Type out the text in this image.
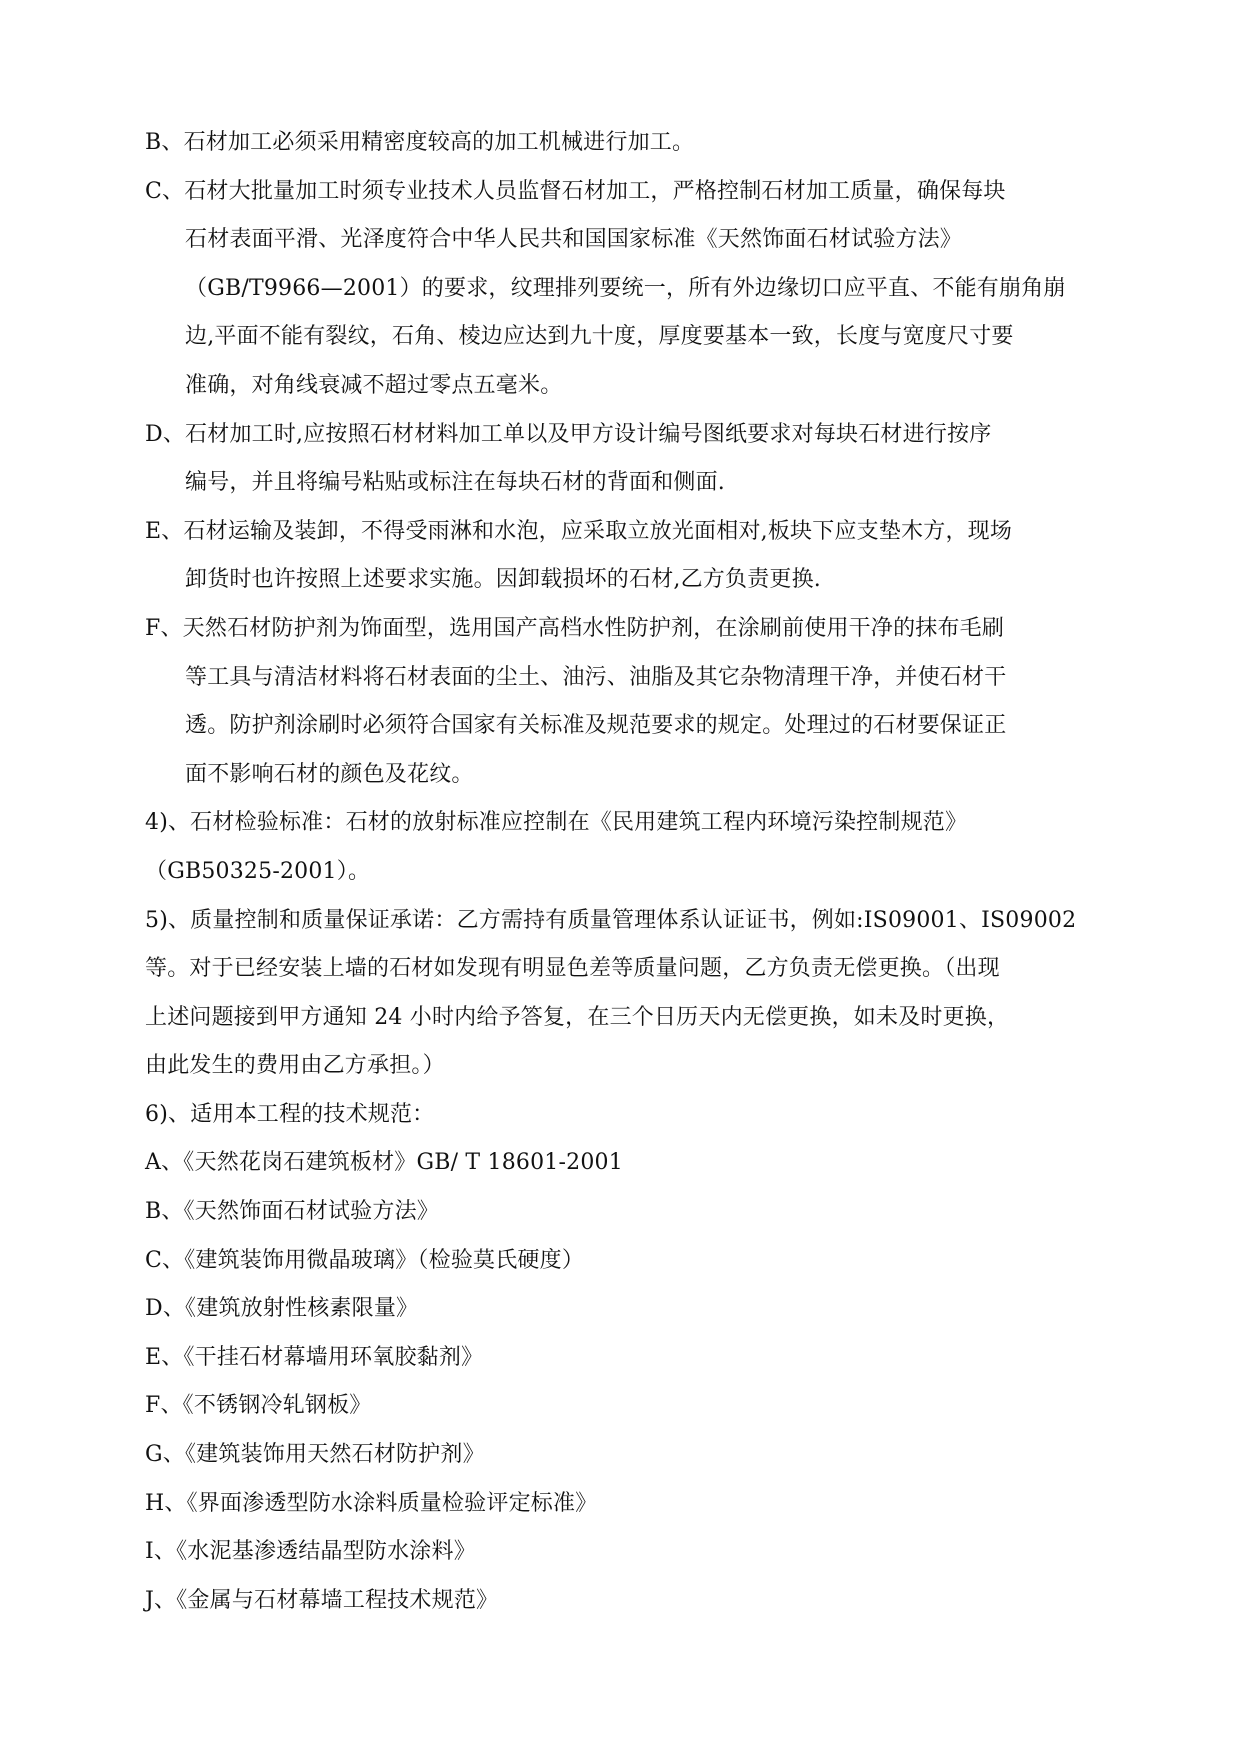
B、石材加工必须采用精密度较高的加工机械进行加工。
C、石材大批量加工时须专业技术人员监督石材加工，严格控制石材加工质量，确保每块
石材表面平滑、光泽度符合中华人民共和国国家标准《天然饰面石材试验方法》
（GB/T9966—2001）的要求，纹理排列要统一，所有外边缘切口应平直、不能有崩角崩
边,平面不能有裂纹，石角、棱边应达到九十度，厚度要基本一致，长度与宽度尺寸要
准确，对角线衰减不超过零点五毫米。
D、石材加工时,应按照石材材料加工单以及甲方设计编号图纸要求对每块石材进行按序
编号，并且将编号粘贴或标注在每块石材的背面和侧面.
E、石材运输及装卸，不得受雨淋和水泡，应采取立放光面相对,板块下应支垫木方，现场
卸货时也许按照上述要求实施。因卸载损坏的石材,乙方负责更换.
F、天然石材防护剂为饰面型，选用国产高档水性防护剂，在涂刷前使用干净的抹布毛刷
等工具与清洁材料将石材表面的尘土、油污、油脂及其它杂物清理干净，并使石材干
透。防护剂涂刷时必须符合国家有关标准及规范要求的规定。处理过的石材要保证正
面不影响石材的颜色及花纹。
4)、石材检验标准：石材的放射标准应控制在《民用建筑工程内环境污染控制规范》
（GB50325-2001）。
5)、质量控制和质量保证承诺：乙方需持有质量管理体系认证证书，例如:IS09001、IS09002
等。对于已经安装上墙的石材如发现有明显色差等质量问题，乙方负责无偿更换。（出现
上述问题接到甲方通知 24 小时内给予答复，在三个日历天内无偿更换，如未及时更换，
由此发生的费用由乙方承担。）
6)、适用本工程的技术规范：
A、《天然花岗石建筑板材》GB/ T 18601-2001
B、《天然饰面石材试验方法》
C、《建筑装饰用微晶玻璃》（检验莫氏硬度）
D、《建筑放射性核素限量》
E、《干挂石材幕墙用环氧胶黏剂》
F、《不锈钢冷轧钢板》
G、《建筑装饰用天然石材防护剂》
H、《界面渗透型防水涂料质量检验评定标准》
I、《水泥基渗透结晶型防水涂料》
J、《金属与石材幕墙工程技术规范》
